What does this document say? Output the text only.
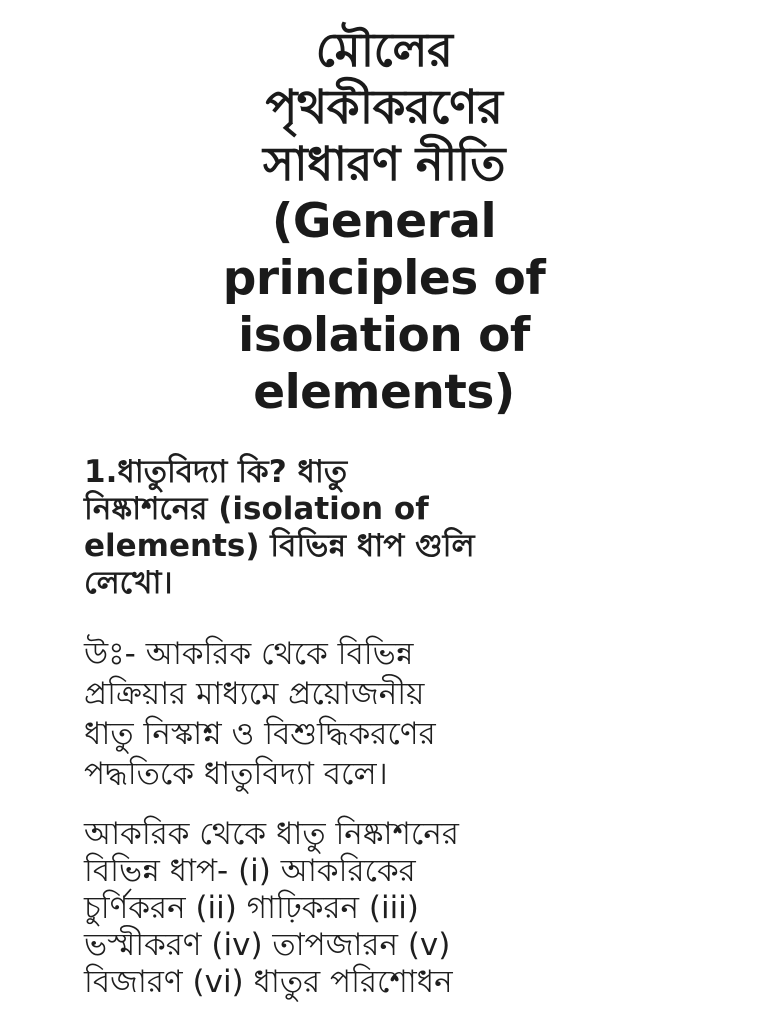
মৌলের
পৃথকীকরণের
সাধারণ নীতি
(General
principles of
isolation of
elements)

1.ধাতুবিদ্যা কি? ধাতু
নিষ্কাশনের (isolation of
elements) বিভিন্ন ধাপ গুলি
লেখো।

উঃ- আকরিক থেকে বিভিন্ন
প্রক্রিয়ার মাধ্যমে প্রয়োজনীয়
ধাতু নিস্কাশ্ন ও বিশুদ্ধিকরণের
পদ্ধতিকে ধাতুবিদ্যা বলে।

আকরিক থেকে ধাতু নিষ্কাশনের
বিভিন্ন ধাপ- (i) আকরিকের
চুর্ণিকরন (ii) গাঢ়িকরন (iii)
ভস্মীকরণ (iv) তাপজারন (v)
বিজারণ (vi) ধাতুর পরিশোধন
